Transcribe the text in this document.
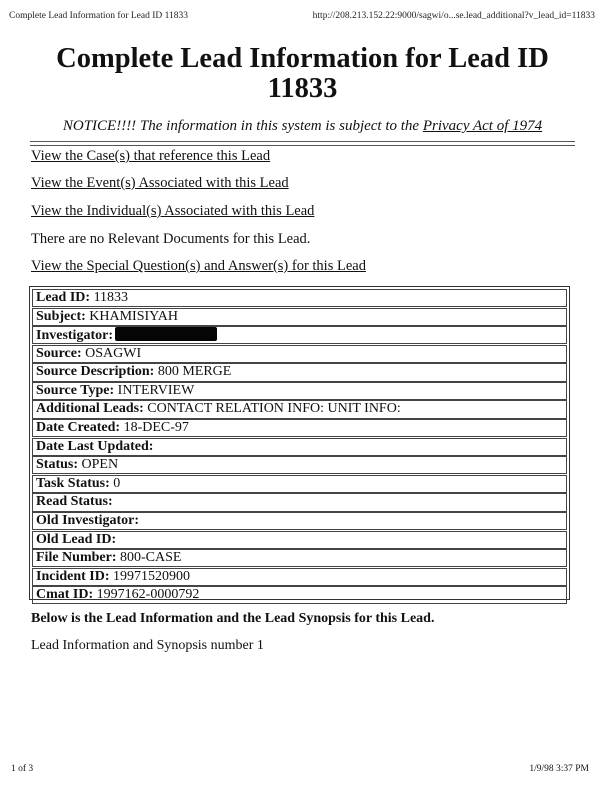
Complete Lead Information for Lead ID 11833	http://208.213.152.22:9000/sagwi/o...se.lead_additional?v_lead_id=11833
Complete Lead Information for Lead ID 11833
NOTICE!!!! The information in this system is subject to the Privacy Act of 1974
View the Case(s) that reference this Lead
View the Event(s) Associated with this Lead
View the Individual(s) Associated with this Lead
There are no Relevant Documents for this Lead.
View the Special Question(s) and Answer(s) for this Lead
Lead ID: 11833
Subject: KHAMISIYAH
Investigator:
Source: OSAGWI
Source Description: 800 MERGE
Source Type: INTERVIEW
Additional Leads: CONTACT RELATION INFO: UNIT INFO:
Date Created: 18-DEC-97
Date Last Updated:
Status: OPEN
Task Status: 0
Read Status:
Old Investigator:
Old Lead ID:
File Number: 800-CASE
Incident ID: 19971520900
Cmat ID: 1997162-0000792
Below is the Lead Information and the Lead Synopsis for this Lead.
Lead Information and Synopsis number 1
1 of 3	1/9/98 3:37 PM
